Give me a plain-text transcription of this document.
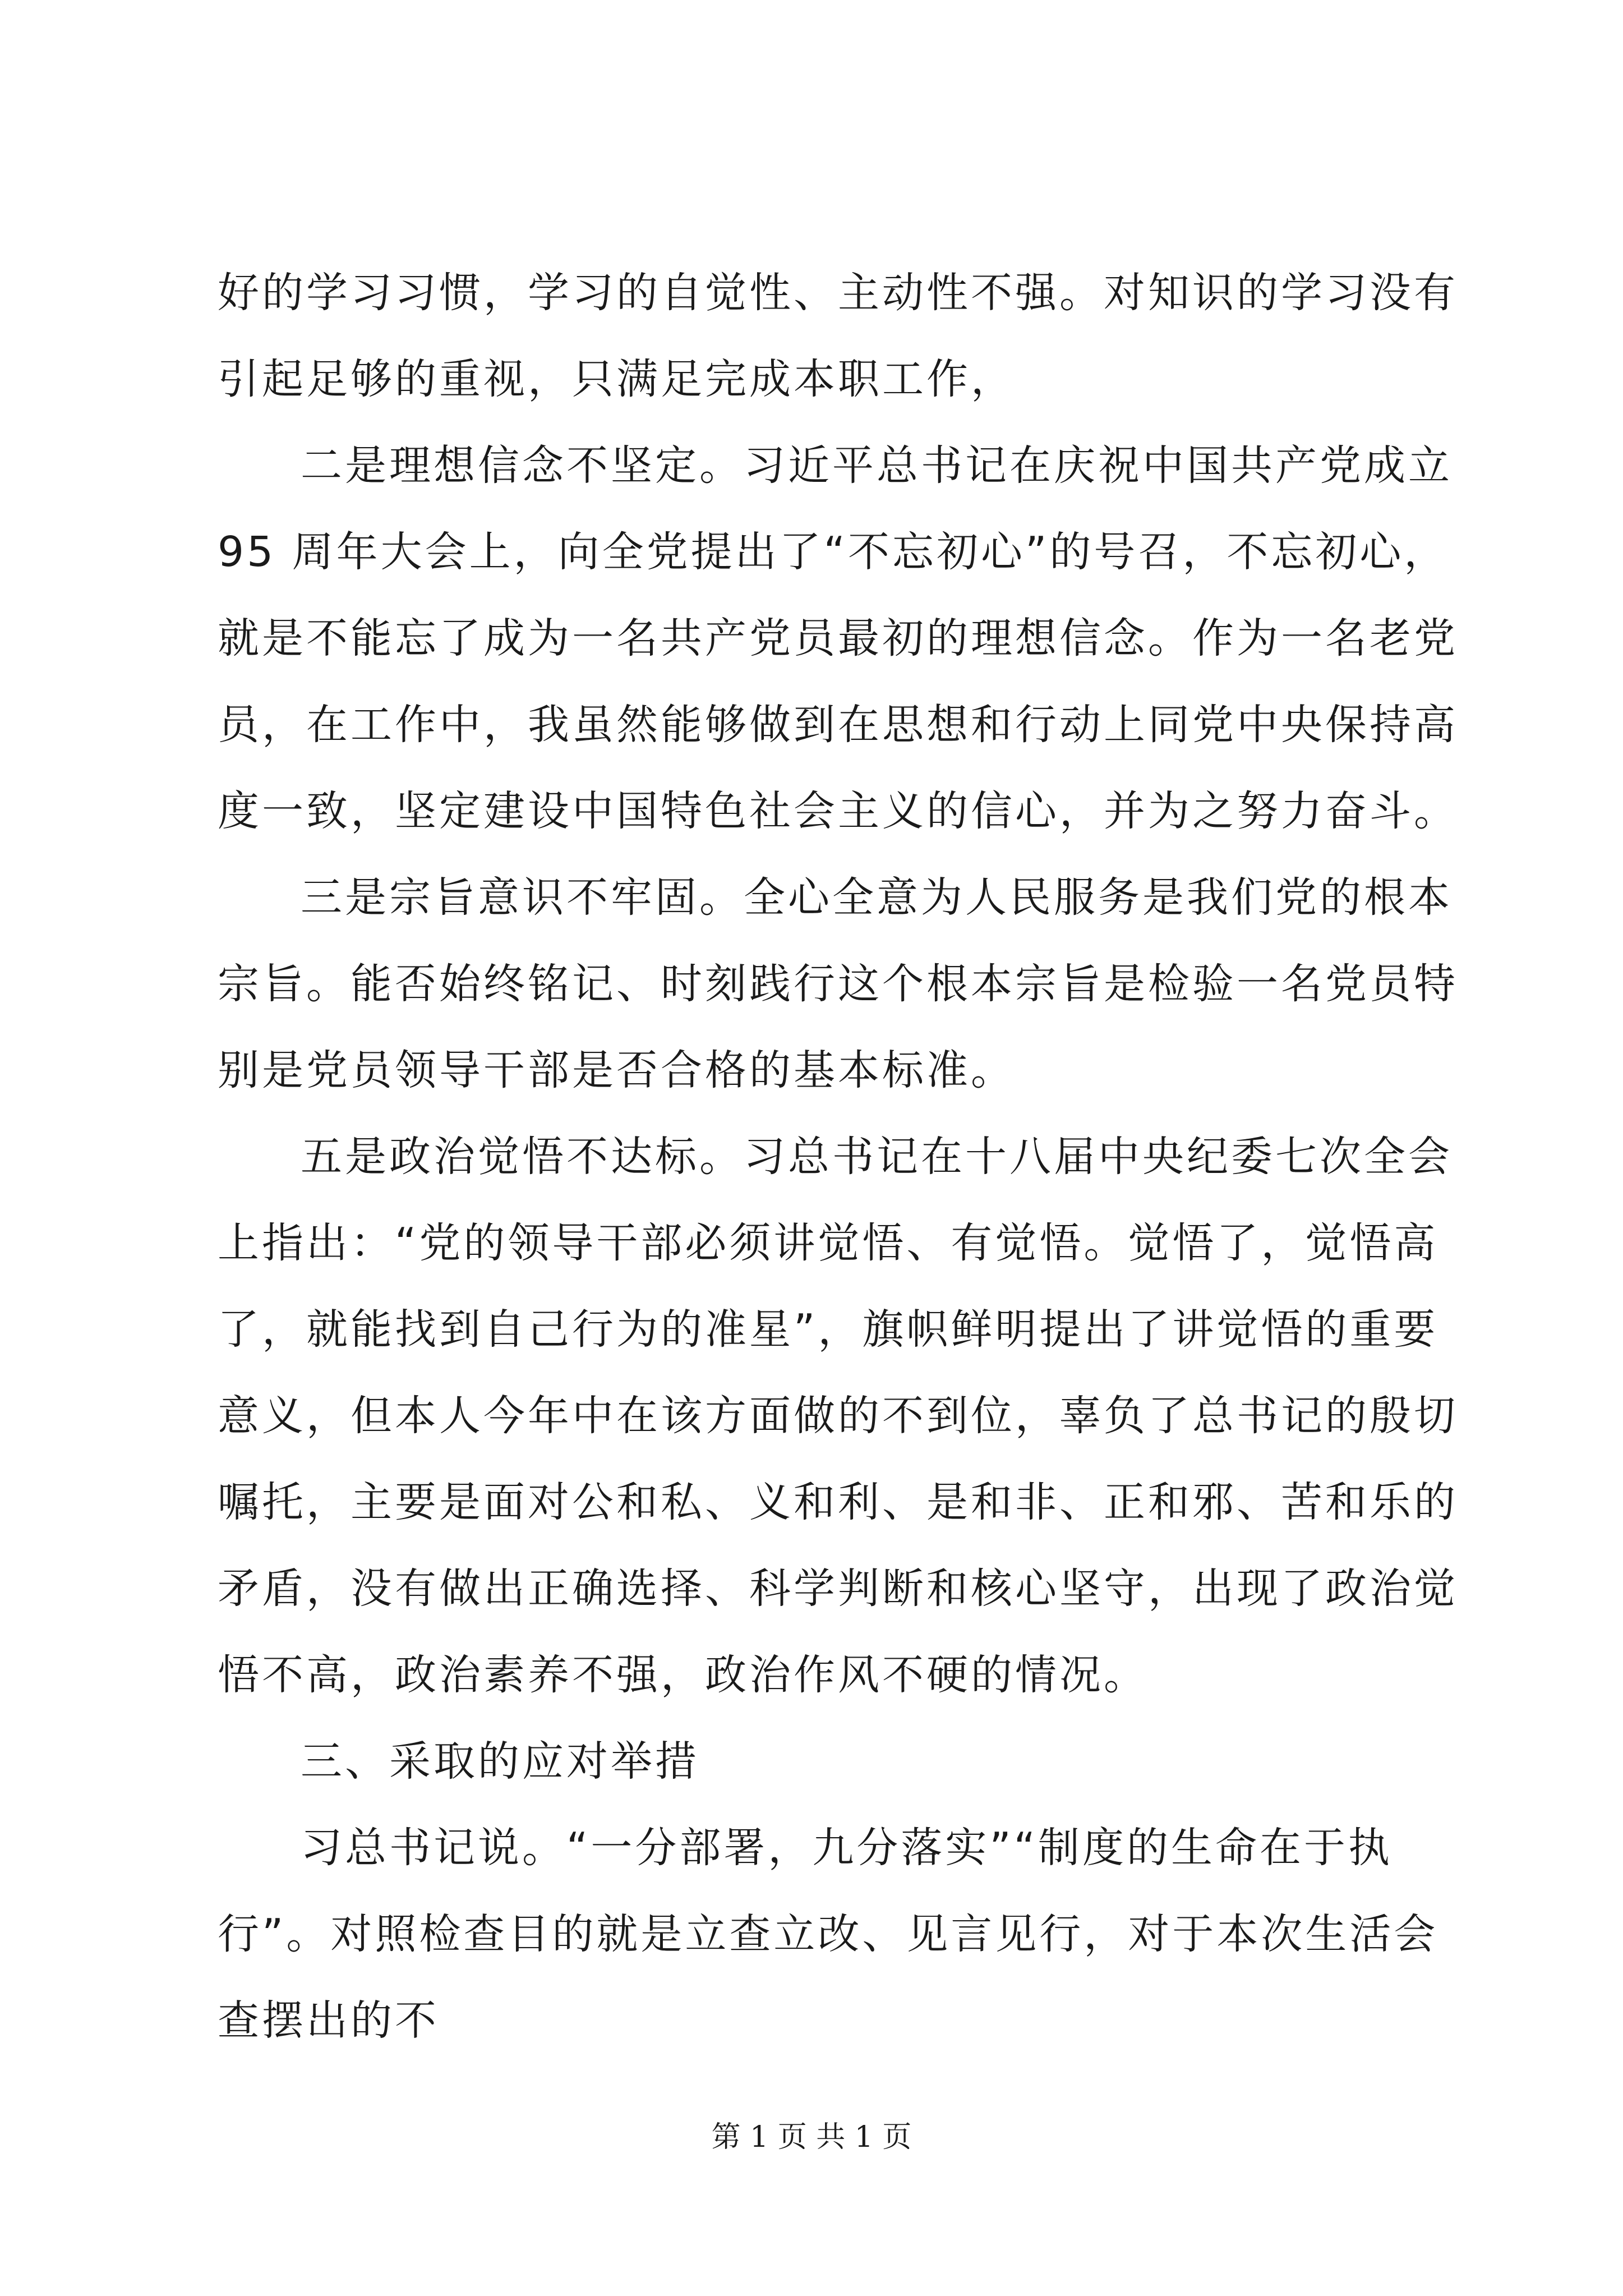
好的学习习惯，学习的自觉性、主动性不强。对知识的学习没有
引起足够的重视，只满足完成本职工作，
二是理想信念不坚定。习近平总书记在庆祝中国共产党成立
95 周年大会上，向全党提出了“不忘初心”的号召，不忘初心，
就是不能忘了成为一名共产党员最初的理想信念。作为一名老党
员，在工作中，我虽然能够做到在思想和行动上同党中央保持高
度一致，坚定建设中国特色社会主义的信心，并为之努力奋斗。
三是宗旨意识不牢固。全心全意为人民服务是我们党的根本
宗旨。能否始终铭记、时刻践行这个根本宗旨是检验一名党员特
别是党员领导干部是否合格的基本标准。
五是政治觉悟不达标。习总书记在十八届中央纪委七次全会
上指出：“党的领导干部必须讲觉悟、有觉悟。觉悟了，觉悟高
了，就能找到自己行为的准星”，旗帜鲜明提出了讲觉悟的重要
意义，但本人今年中在该方面做的不到位，辜负了总书记的殷切
嘱托，主要是面对公和私、义和利、是和非、正和邪、苦和乐的
矛盾，没有做出正确选择、科学判断和核心坚守，出现了政治觉
悟不高，政治素养不强，政治作风不硬的情况。
三、采取的应对举措
习总书记说。“一分部署，九分落实”“制度的生命在于执
行”。对照检查目的就是立查立改、见言见行，对于本次生活会
查摆出的不
第 1 页 共 1 页
